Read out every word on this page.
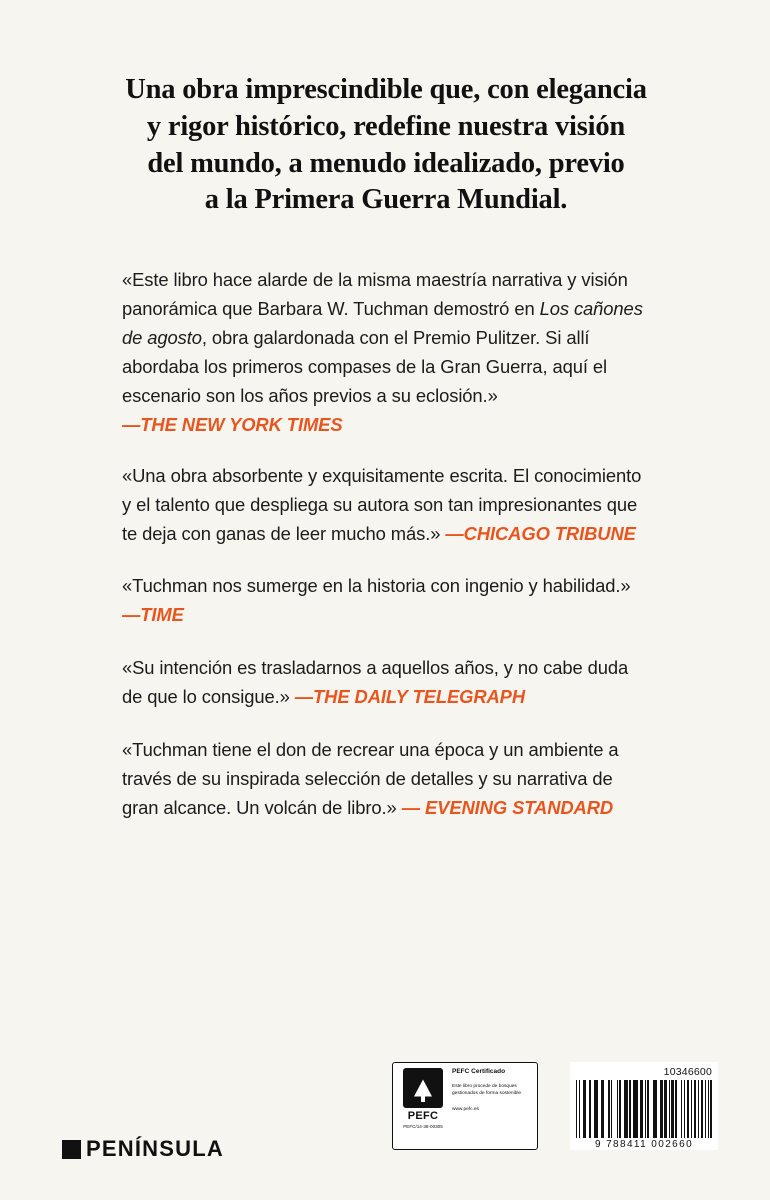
Una obra imprescindible que, con elegancia
y rigor histórico, redefine nuestra visión
del mundo, a menudo idealizado, previo
a la Primera Guerra Mundial.

«Este libro hace alarde de la misma maestría narrativa y visión panorámica que Barbara W. Tuchman demostró en Los cañones de agosto, obra galardonada con el Premio Pulitzer. Si allí abordaba los primeros compases de la Gran Guerra, aquí el escenario son los años previos a su eclosión.» —THE NEW YORK TIMES

«Una obra absorbente y exquisitamente escrita. El conocimiento y el talento que despliega su autora son tan impresionantes que te deja con ganas de leer mucho más.» —CHICAGO TRIBUNE

«Tuchman nos sumerge en la historia con ingenio y habilidad.» —TIME

«Su intención es trasladarnos a aquellos años, y no cabe duda de que lo consigue.» —THE DAILY TELEGRAPH

«Tuchman tiene el don de recrear una época y un ambiente a través de su inspirada selección de detalles y su narrativa de gran alcance. Un volcán de libro.» — EVENING STANDARD

PENÍNSULA
PEFC
PEFC/14-38-00305
PEFC Certificado
Este libro procede de bosques gestionados de forma sostenible
www.pefc.es
10346600
9 788411 002660
